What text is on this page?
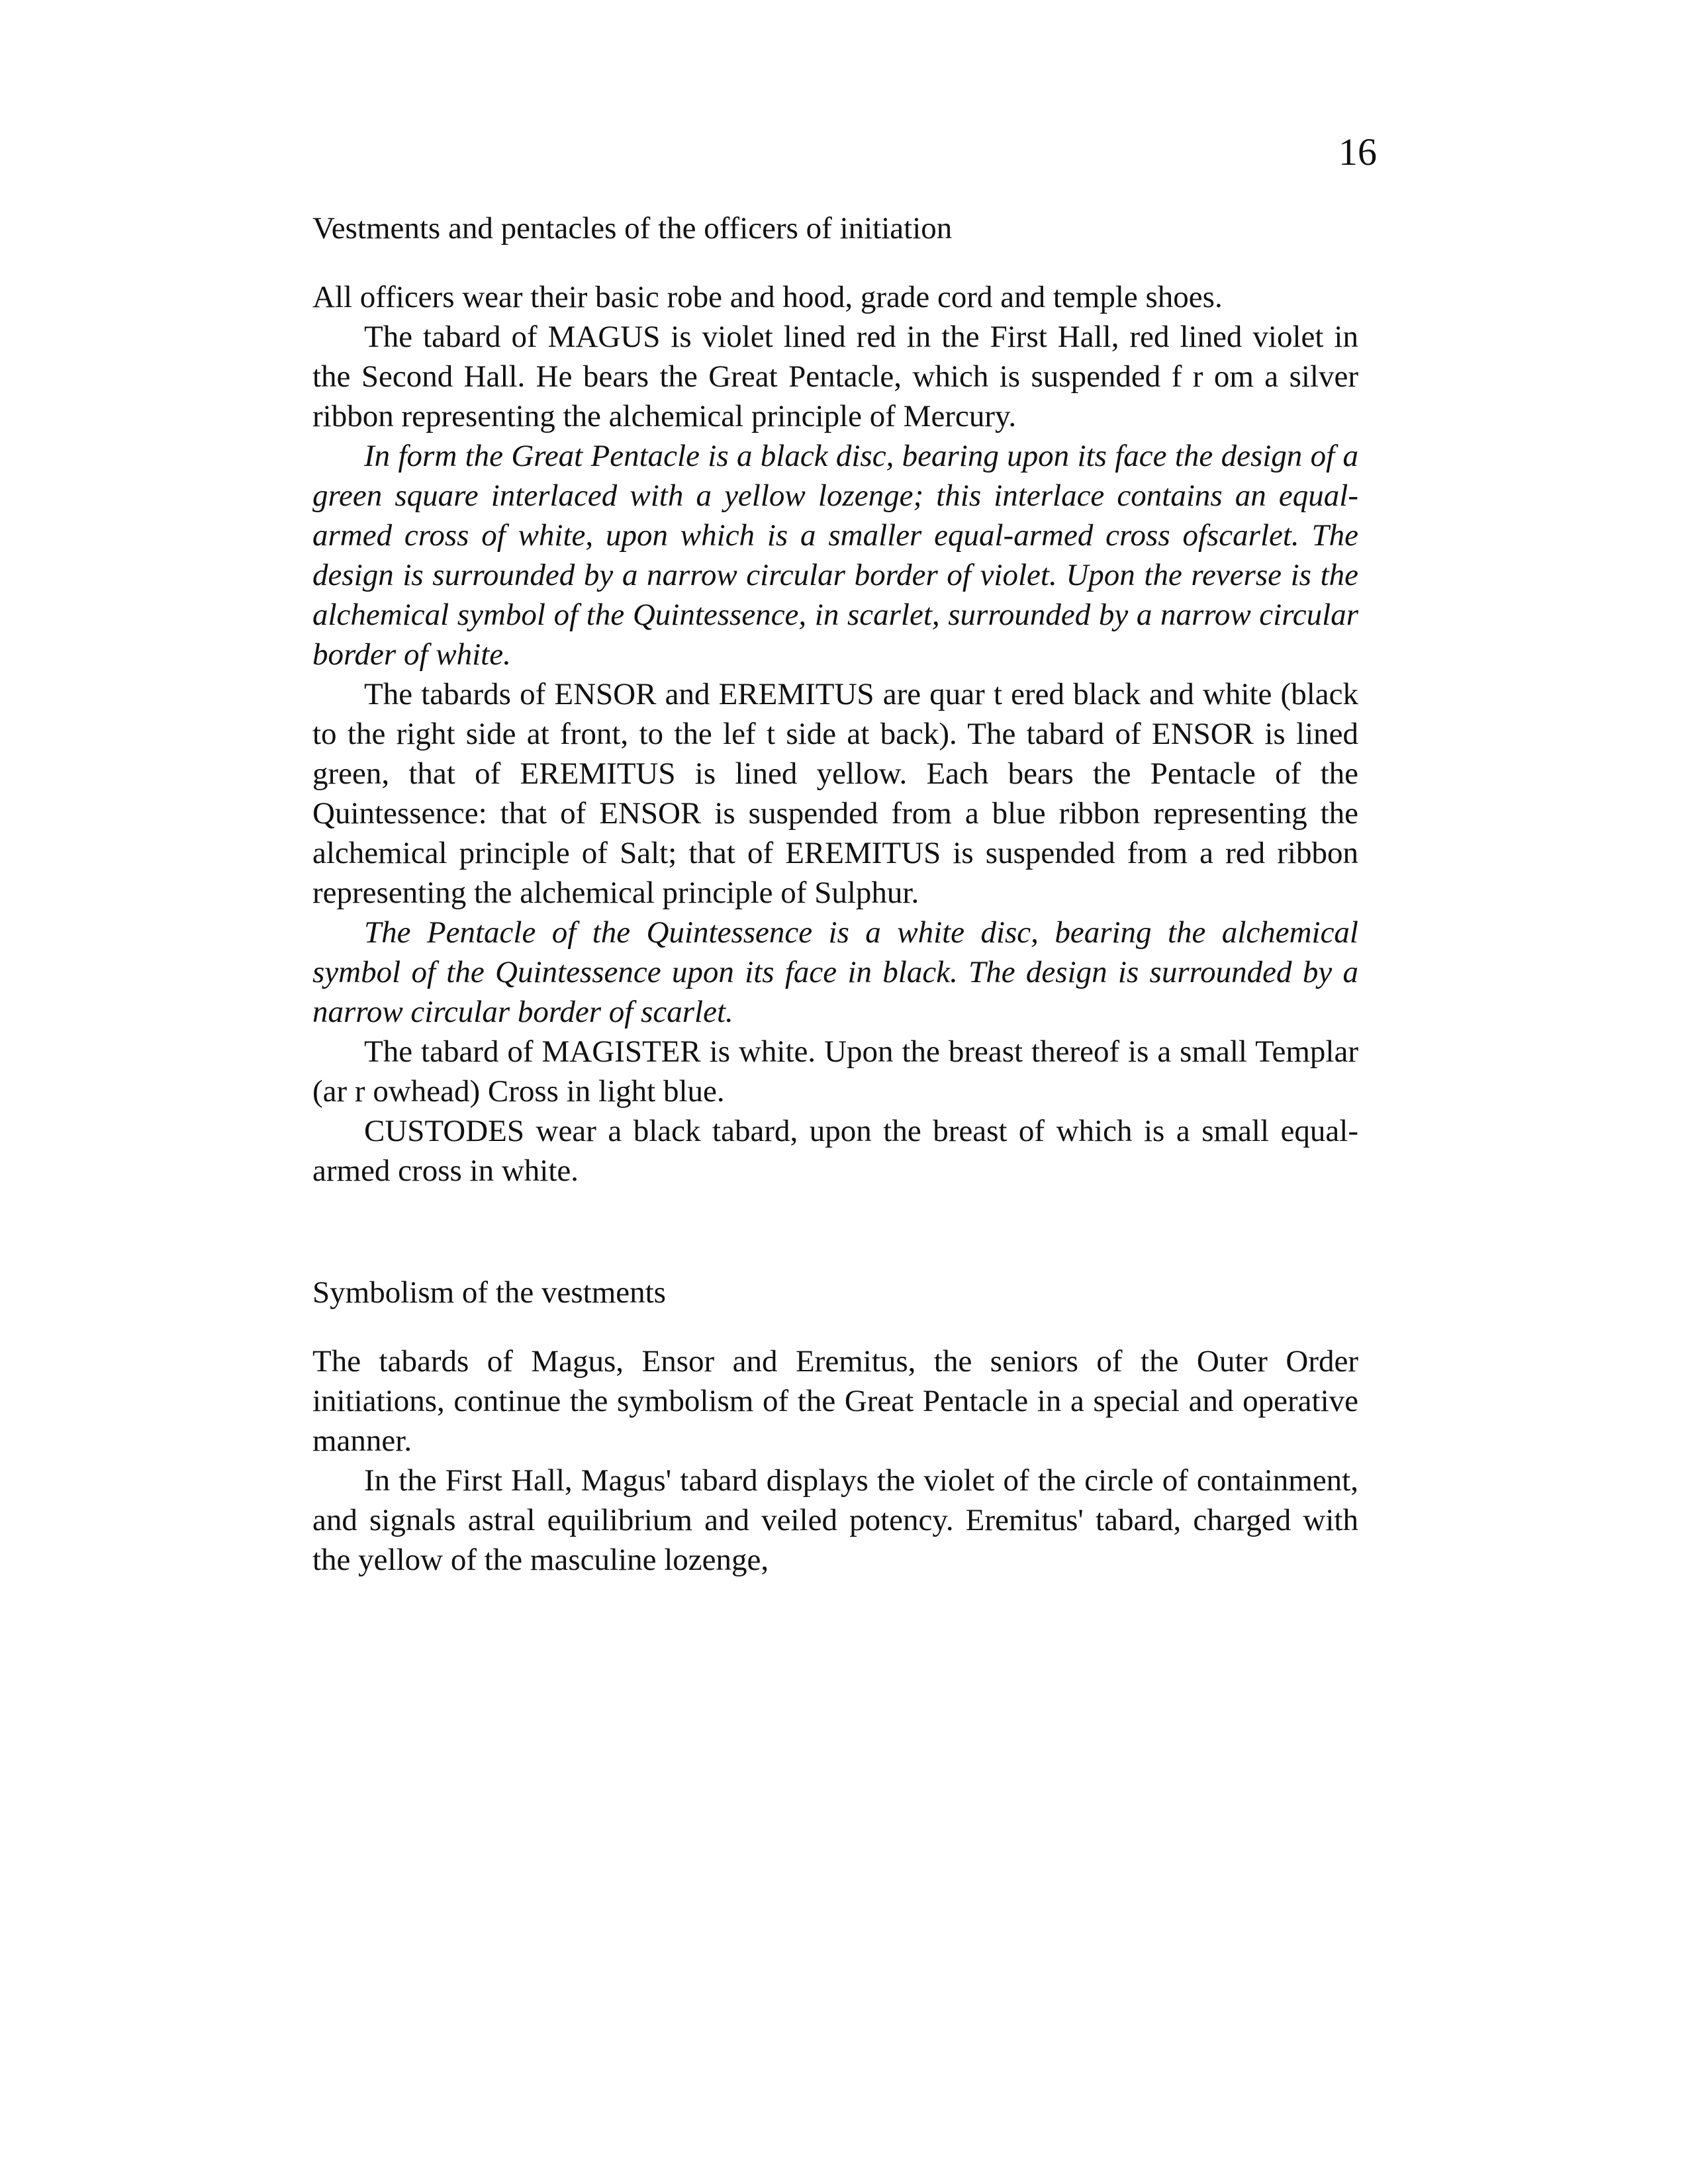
16
Vestments and pentacles of the officers of initiation

All officers wear their basic robe and hood, grade cord and temple shoes.

The tabard of MAGUS is violet lined red in the First Hall, red lined violet in the Second Hall. He bears the Great Pentacle, which is suspended f r om a silver ribbon representing the alchemical principle of Mercury.

In form the Great Pentacle is a black disc, bearing upon its face the design of a green square interlaced with a yellow lozenge; this interlace contains an equal-armed cross of white, upon which is a smaller equal-armed cross ofscarlet. The design is surrounded by a narrow circular border of violet. Upon the reverse is the alchemical symbol of the Quintessence, in scarlet, surrounded by a narrow circular border of white.

The tabards of ENSOR and EREMITUS are quar t ered black and white (black to the right side at front, to the lef t side at back). The tabard of ENSOR is lined green, that of EREMITUS is lined yellow. Each bears the Pentacle of the Quintessence: that of ENSOR is suspended from a blue ribbon representing the alchemical principle of Salt; that of EREMITUS is suspended from a red ribbon representing the alchemical principle of Sulphur.

The Pentacle of the Quintessence is a white disc, bearing the alchemical symbol of the Quintessence upon its face in black. The design is surrounded by a narrow circular border of scarlet.

The tabard of MAGISTER is white. Upon the breast thereof is a small Templar (ar r owhead) Cross in light blue.

CUSTODES wear a black tabard, upon the breast of which is a small equal-armed cross in white.

Symbolism of the vestments

The tabards of Magus, Ensor and Eremitus, the seniors of the Outer Order initiations, continue the symbolism of the Great Pentacle in a special and operative manner.

In the First Hall, Magus' tabard displays the violet of the circle of containment, and signals astral equilibrium and veiled potency. Eremitus' tabard, charged with the yellow of the masculine lozenge,
